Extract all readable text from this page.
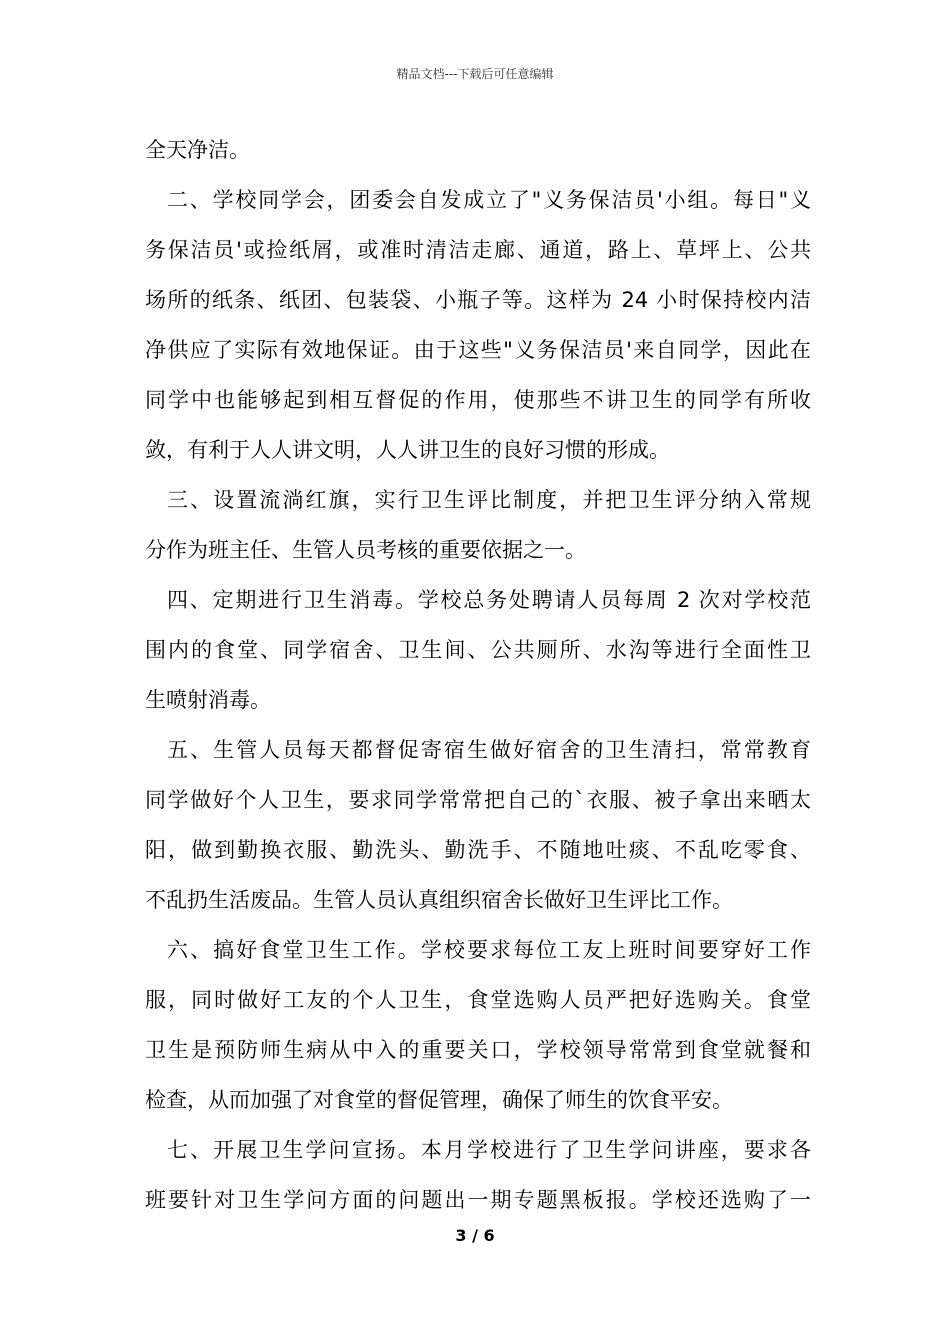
精品文档---下载后可任意编辑
全天净洁。
二、学校同学会，团委会自发成立了"义务保洁员'小组。每日"义
务保洁员'或捡纸屑，或准时清洁走廊、通道，路上、草坪上、公共
场所的纸条、纸团、包装袋、小瓶子等。这样为 24 小时保持校内洁
净供应了实际有效地保证。由于这些"义务保洁员'来自同学，因此在
同学中也能够起到相互督促的作用，使那些不讲卫生的同学有所收
敛，有利于人人讲文明，人人讲卫生的良好习惯的形成。
三、设置流淌红旗，实行卫生评比制度，并把卫生评分纳入常规
分作为班主任、生管人员考核的重要依据之一。
四、定期进行卫生消毒。学校总务处聘请人员每周 2 次对学校范
围内的食堂、同学宿舍、卫生间、公共厕所、水沟等进行全面性卫
生喷射消毒。
五、生管人员每天都督促寄宿生做好宿舍的卫生清扫，常常教育
同学做好个人卫生，要求同学常常把自己的`衣服、被子拿出来晒太
阳，做到勤换衣服、勤洗头、勤洗手、不随地吐痰、不乱吃零食、
不乱扔生活废品。生管人员认真组织宿舍长做好卫生评比工作。
六、搞好食堂卫生工作。学校要求每位工友上班时间要穿好工作
服，同时做好工友的个人卫生，食堂选购人员严把好选购关。食堂
卫生是预防师生病从中入的重要关口，学校领导常常到食堂就餐和
检查，从而加强了对食堂的督促管理，确保了师生的饮食平安。
七、开展卫生学问宣扬。本月学校进行了卫生学问讲座，要求各
班要针对卫生学问方面的问题出一期专题黑板报。学校还选购了一
3 / 6
